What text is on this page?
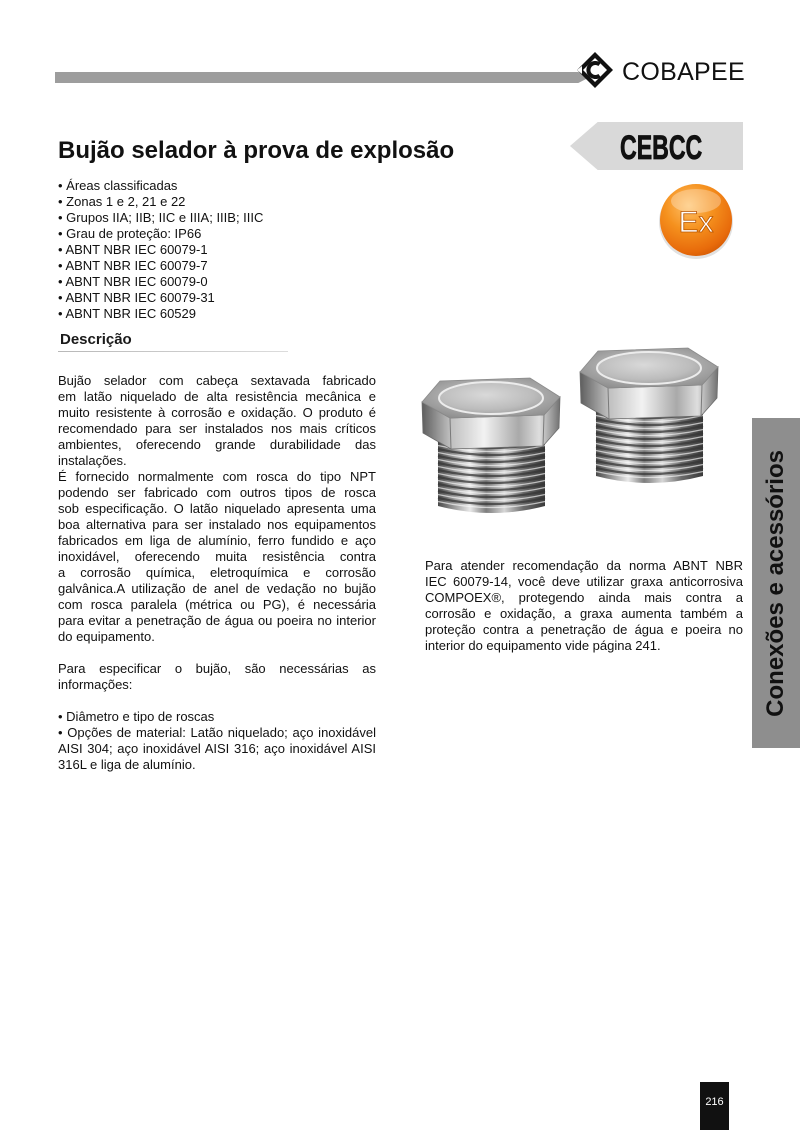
COBAPEE
Bujão selador à prova de explosão	CEBCC
Ex
• Áreas classificadas
• Zonas 1 e 2, 21 e 22
• Grupos IIA; IIB; IIC e IIIA; IIIB; IIIC
• Grau de proteção: IP66
• ABNT NBR IEC 60079-1
• ABNT NBR IEC 60079-7
• ABNT NBR IEC 60079-0
• ABNT NBR IEC 60079-31
• ABNT NBR IEC 60529
Descrição
Bujão selador com cabeça sextavada fabricado
em latão niquelado de alta resistência mecânica e
muito resistente à corrosão e oxidação. O produto é
recomendado para ser instalados nos mais críticos
ambientes, oferecendo grande durabilidade das
instalações.
É fornecido normalmente com rosca do tipo NPT
podendo ser fabricado com outros tipos de rosca
sob especificação. O latão niquelado apresenta uma
boa alternativa para ser instalado nos equipamentos
fabricados em liga de alumínio, ferro fundido e aço
inoxidável, oferecendo muita resistência contra
a corrosão química, eletroquímica e corrosão
galvânica.A utilização de anel de vedação no bujão
com rosca paralela (métrica ou PG), é necessária
para evitar a penetração de água ou poeira no interior
do equipamento.
Para especificar o bujão, são necessárias as
informações:
• Diâmetro e tipo de roscas
• Opções de material: Latão niquelado; aço inoxidável
AISI 304; aço inoxidável AISI 316; aço inoxidável AISI
316L e liga de alumínio.
Para atender recomendação da norma ABNT NBR
IEC 60079-14, você deve utilizar graxa anticorrosiva
COMPOEX®, protegendo ainda mais contra a
corrosão e oxidação, a graxa aumenta também a
proteção contra a penetração de água e poeira no
interior do equipamento vide página 241.	Conexões e acessórios
216
